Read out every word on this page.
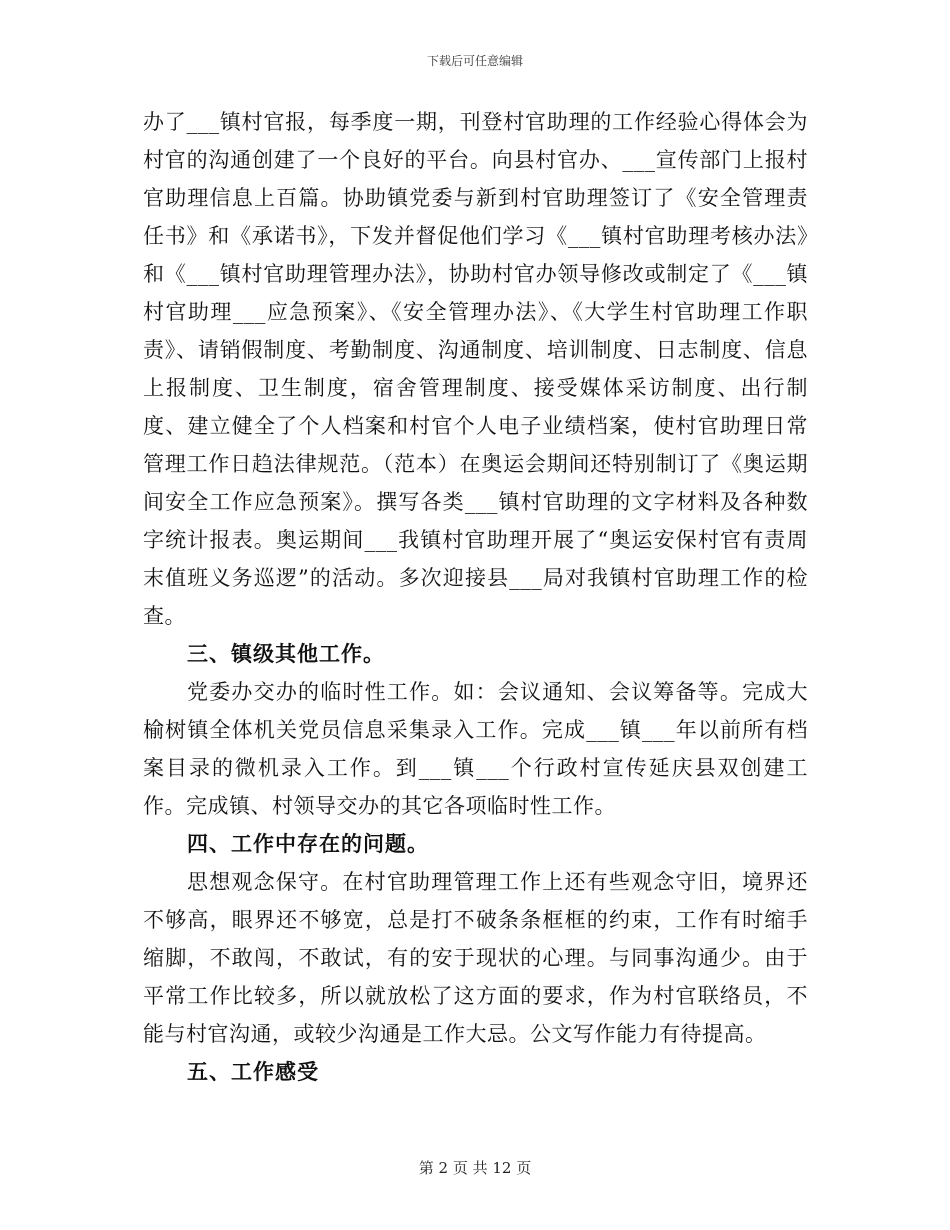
下载后可任意编辑

办了___镇村官报，每季度一期，刊登村官助理的工作经验心得体会为村官的沟通创建了一个良好的平台。向县村官办、___宣传部门上报村官助理信息上百篇。协助镇党委与新到村官助理签订了《安全管理责任书》和《承诺书》，下发并督促他们学习《___镇村官助理考核办法》和《___镇村官助理管理办法》，协助村官办领导修改或制定了《___镇村官助理___应急预案》、《安全管理办法》、《大学生村官助理工作职责》、请销假制度、考勤制度、沟通制度、培训制度、日志制度、信息上报制度、卫生制度，宿舍管理制度、接受媒体采访制度、出行制度、建立健全了个人档案和村官个人电子业绩档案，使村官助理日常管理工作日趋法律规范。（范本）在奥运会期间还特别制订了《奥运期间安全工作应急预案》。撰写各类___镇村官助理的文字材料及各种数字统计报表。奥运期间___我镇村官助理开展了“奥运安保村官有责周末值班义务巡逻”的活动。多次迎接县___局对我镇村官助理工作的检查。

三、镇级其他工作。

党委办交办的临时性工作。如：会议通知、会议筹备等。完成大榆树镇全体机关党员信息采集录入工作。完成___镇___年以前所有档案目录的微机录入工作。到___镇___个行政村宣传延庆县双创建工作。完成镇、村领导交办的其它各项临时性工作。

四、工作中存在的问题。

思想观念保守。在村官助理管理工作上还有些观念守旧，境界还不够高，眼界还不够宽，总是打不破条条框框的约束，工作有时缩手缩脚，不敢闯，不敢试，有的安于现状的心理。与同事沟通少。由于平常工作比较多，所以就放松了这方面的要求，作为村官联络员，不能与村官沟通，或较少沟通是工作大忌。公文写作能力有待提高。

五、工作感受

第 2 页 共 12 页
